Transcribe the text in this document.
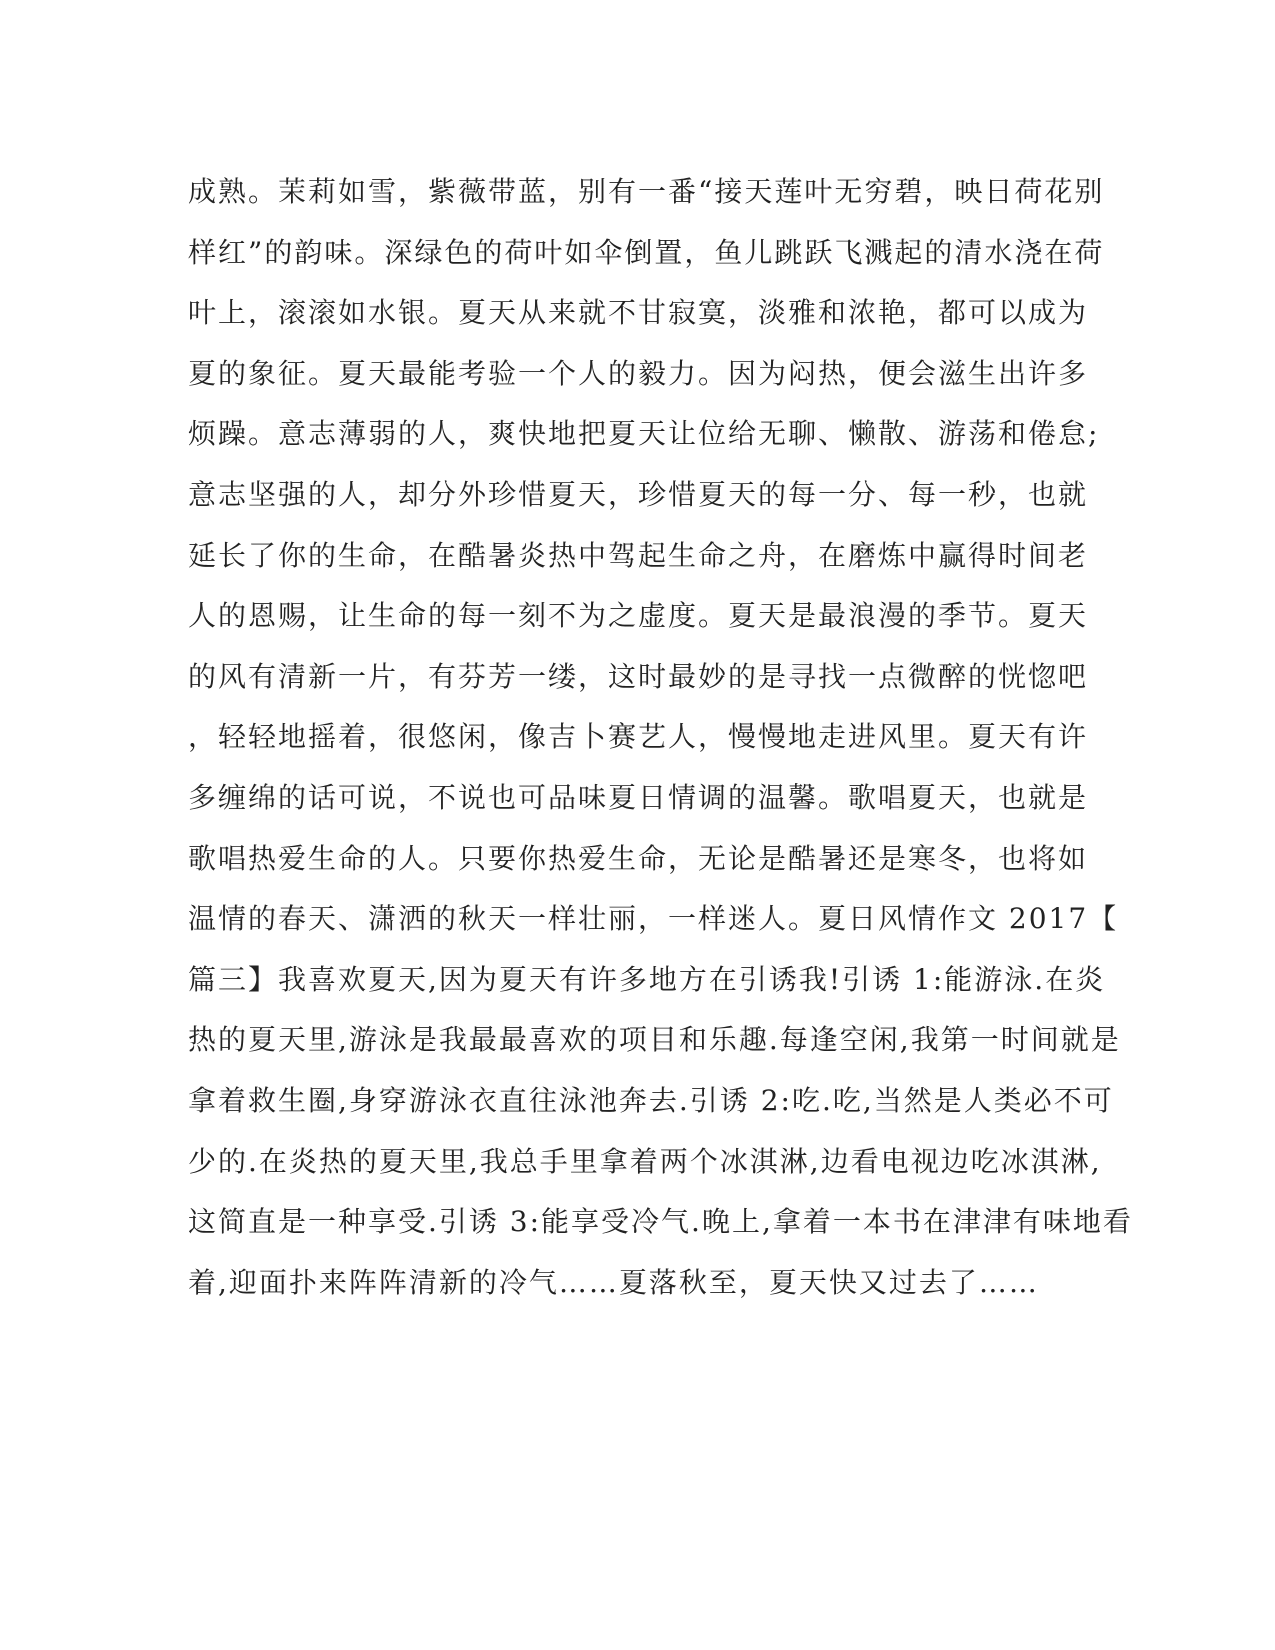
成熟。茉莉如雪，紫薇带蓝，别有一番“接天莲叶无穷碧，映日荷花别
样红”的韵味。深绿色的荷叶如伞倒置，鱼儿跳跃飞溅起的清水浇在荷
叶上，滚滚如水银。夏天从来就不甘寂寞，淡雅和浓艳，都可以成为
夏的象征。夏天最能考验一个人的毅力。因为闷热，便会滋生出许多
烦躁。意志薄弱的人，爽快地把夏天让位给无聊、懒散、游荡和倦怠;
意志坚强的人，却分外珍惜夏天，珍惜夏天的每一分、每一秒，也就
延长了你的生命，在酷暑炎热中驾起生命之舟，在磨炼中赢得时间老
人的恩赐，让生命的每一刻不为之虚度。夏天是最浪漫的季节。夏天
的风有清新一片，有芬芳一缕，这时最妙的是寻找一点微醉的恍惚吧
，轻轻地摇着，很悠闲，像吉卜赛艺人，慢慢地走进风里。夏天有许
多缠绵的话可说，不说也可品味夏日情调的温馨。歌唱夏天，也就是
歌唱热爱生命的人。只要你热爱生命，无论是酷暑还是寒冬，也将如
温情的春天、潇洒的秋天一样壮丽，一样迷人。夏日风情作文 2017【
篇三】我喜欢夏天,因为夏天有许多地方在引诱我!引诱 1:能游泳.在炎
热的夏天里,游泳是我最最喜欢的项目和乐趣.每逢空闲,我第一时间就是
拿着救生圈,身穿游泳衣直往泳池奔去.引诱 2:吃.吃,当然是人类必不可
少的.在炎热的夏天里,我总手里拿着两个冰淇淋,边看电视边吃冰淇淋,
这简直是一种享受.引诱 3:能享受冷气.晚上,拿着一本书在津津有味地看
着,迎面扑来阵阵清新的冷气……夏落秋至，夏天快又过去了……
